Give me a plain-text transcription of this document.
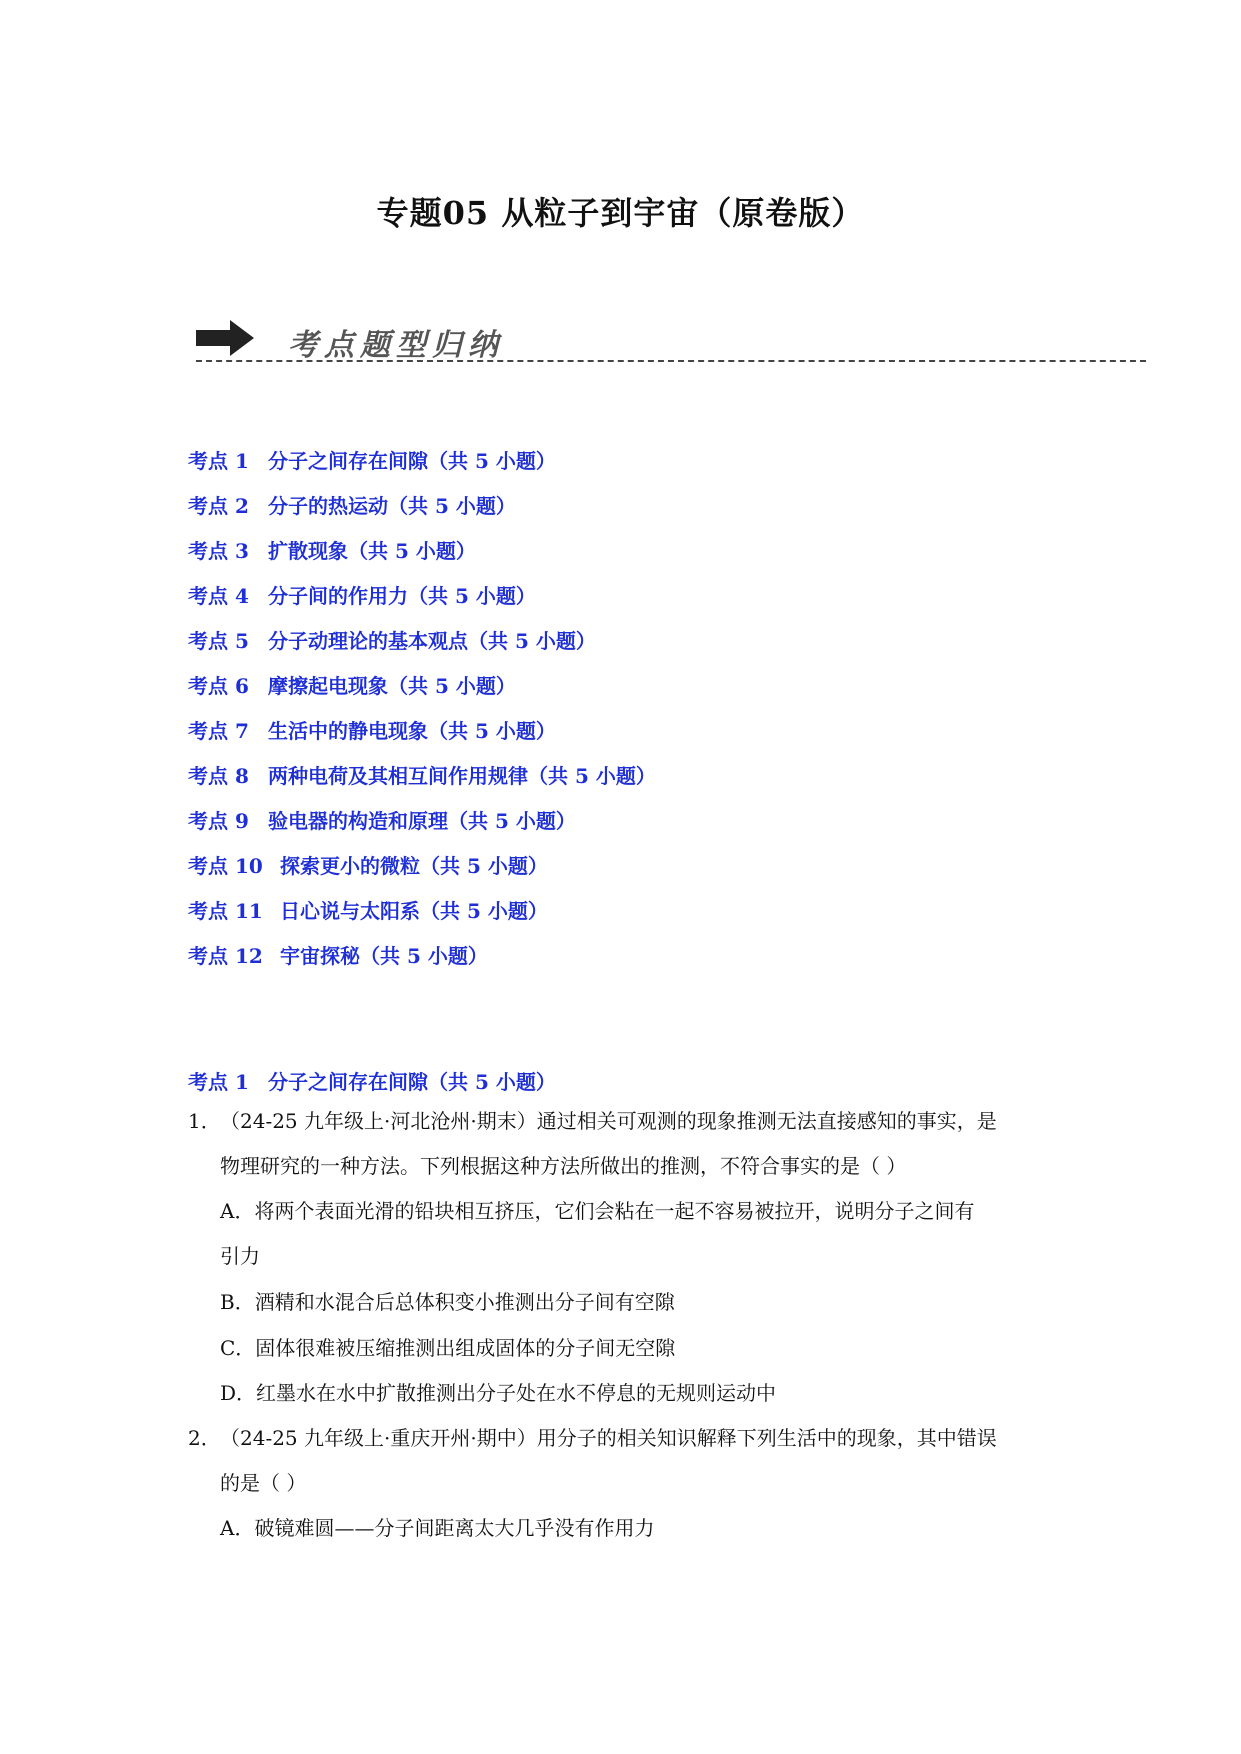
专题05 从粒子到宇宙（原卷版）
考点题型归纳
考点 1 分子之间存在间隙（共 5 小题）
考点 2 分子的热运动（共 5 小题）
考点 3 扩散现象（共 5 小题）
考点 4 分子间的作用力（共 5 小题）
考点 5 分子动理论的基本观点（共 5 小题）
考点 6 摩擦起电现象（共 5 小题）
考点 7 生活中的静电现象（共 5 小题）
考点 8 两种电荷及其相互间作用规律（共 5 小题）
考点 9 验电器的构造和原理（共 5 小题）
考点 10 探索更小的微粒（共 5 小题）
考点 11 日心说与太阳系（共 5 小题）
考点 12 宇宙探秘（共 5 小题）
考点 1 分子之间存在间隙（共 5 小题）
1． （24-25 九年级上·河北沧州·期末）通过相关可观测的现象推测无法直接感知的事实，是
物理研究的一种方法。下列根据这种方法所做出的推测，不符合事实的是（ ）
A．将两个表面光滑的铅块相互挤压，它们会粘在一起不容易被拉开，说明分子之间有
引力
B．酒精和水混合后总体积变小推测出分子间有空隙
C．固体很难被压缩推测出组成固体的分子间无空隙
D．红墨水在水中扩散推测出分子处在水不停息的无规则运动中
2． （24-25 九年级上·重庆开州·期中）用分子的相关知识解释下列生活中的现象，其中错误
的是（ ）
A．破镜难圆——分子间距离太大几乎没有作用力
